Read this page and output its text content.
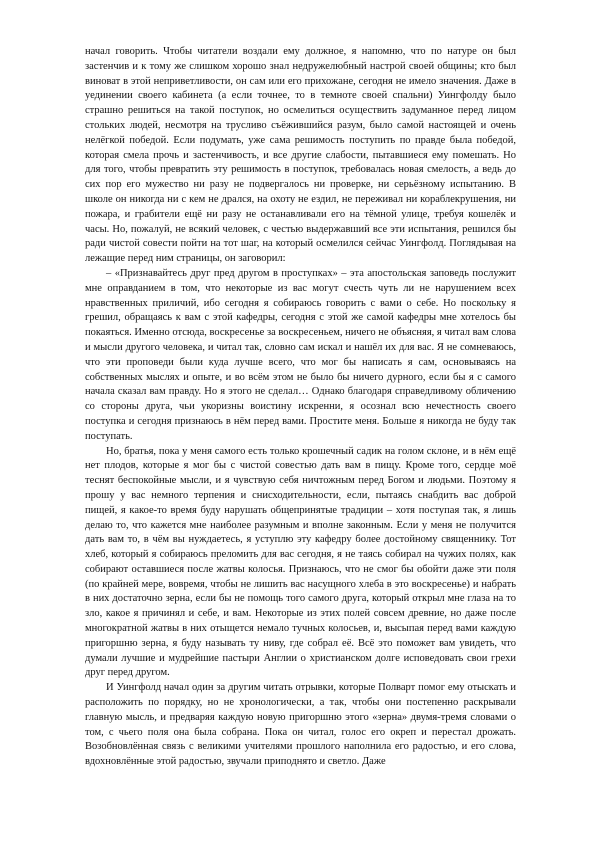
начал говорить. Чтобы читатели воздали ему должное, я напомню, что по натуре он был застенчив и к тому же слишком хорошо знал недружелюбный настрой своей общины; кто был виноват в этой неприветливости, он сам или его прихожане, сегодня не имело значения. Даже в уединении своего кабинета (а если точнее, то в темноте своей спальни) Уингфолду было страшно решиться на такой поступок, но осмелиться осуществить задуманное перед лицом стольких людей, несмотря на трусливо съёжившийся разум, было самой настоящей и очень нелёгкой победой. Если подумать, уже сама решимость поступить по правде была победой, которая смела прочь и застенчивость, и все другие слабости, пытавшиеся ему помешать. Но для того, чтобы превратить эту решимость в поступок, требовалась новая смелость, а ведь до сих пор его мужество ни разу не подвергалось ни проверке, ни серьёзному испытанию. В школе он никогда ни с кем не дрался, на охоту не ездил, не переживал ни кораблекрушения, ни пожара, и грабители ещё ни разу не останавливали его на тёмной улице, требуя кошелёк и часы. Но, пожалуй, не всякий человек, с честью выдержавший все эти испытания, решился бы ради чистой совести пойти на тот шаг, на который осмелился сейчас Уингфолд. Поглядывая на лежащие перед ним страницы, он заговорил:

– «Признавайтесь друг пред другом в проступках» – эта апостольская заповедь послужит мне оправданием в том, что некоторые из вас могут счесть чуть ли не нарушением всех нравственных приличий, ибо сегодня я собираюсь говорить с вами о себе. Но поскольку я грешил, обращаясь к вам с этой кафедры, сегодня с этой же самой кафедры мне хотелось бы покаяться. Именно отсюда, воскресенье за воскресеньем, ничего не объясняя, я читал вам слова и мысли другого человека, и читал так, словно сам искал и нашёл их для вас. Я не сомневаюсь, что эти проповеди были куда лучше всего, что мог бы написать я сам, основываясь на собственных мыслях и опыте, и во всём этом не было бы ничего дурного, если бы я с самого начала сказал вам правду. Но я этого не сделал… Однако благодаря справедливому обличению со стороны друга, чьи укоризны воистину искренни, я осознал всю нечестность своего поступка и сегодня признаюсь в нём перед вами. Простите меня. Больше я никогда не буду так поступать.

Но, братья, пока у меня самого есть только крошечный садик на голом склоне, и в нём ещё нет плодов, которые я мог бы с чистой совестью дать вам в пищу. Кроме того, сердце моё теснят беспокойные мысли, и я чувствую себя ничтожным перед Богом и людьми. Поэтому я прошу у вас немного терпения и снисходительности, если, пытаясь снабдить вас доброй пищей, я какое-то время буду нарушать общепринятые традиции – хотя поступая так, я лишь делаю то, что кажется мне наиболее разумным и вполне законным. Если у меня не получится дать вам то, в чём вы нуждаетесь, я уступлю эту кафедру более достойному священнику. Тот хлеб, который я собираюсь преломить для вас сегодня, я не таясь собирал на чужих полях, как собирают оставшиеся после жатвы колосья. Признаюсь, что не смог бы обойти даже эти поля (по крайней мере, вовремя, чтобы не лишить вас насущного хлеба в это воскресенье) и набрать в них достаточно зерна, если бы не помощь того самого друга, который открыл мне глаза на то зло, какое я причинял и себе, и вам. Некоторые из этих полей совсем древние, но даже после многократной жатвы в них отыщется немало тучных колосьев, и, высыпая перед вами каждую пригоршню зерна, я буду называть ту ниву, где собрал её. Всё это поможет вам увидеть, что думали лучшие и мудрейшие пастыри Англии о христианском долге исповедовать свои грехи друг перед другом.

И Уингфолд начал один за другим читать отрывки, которые Полварт помог ему отыскать и расположить по порядку, но не хронологически, а так, чтобы они постепенно раскрывали главную мысль, и предваряя каждую новую пригоршню этого «зерна» двумя-тремя словами о том, с чьего поля она была собрана. Пока он читал, голос его окреп и перестал дрожать. Возобновлённая связь с великими учителями прошлого наполнила его радостью, и его слова, вдохновлённые этой радостью, звучали приподнято и светло. Даже
